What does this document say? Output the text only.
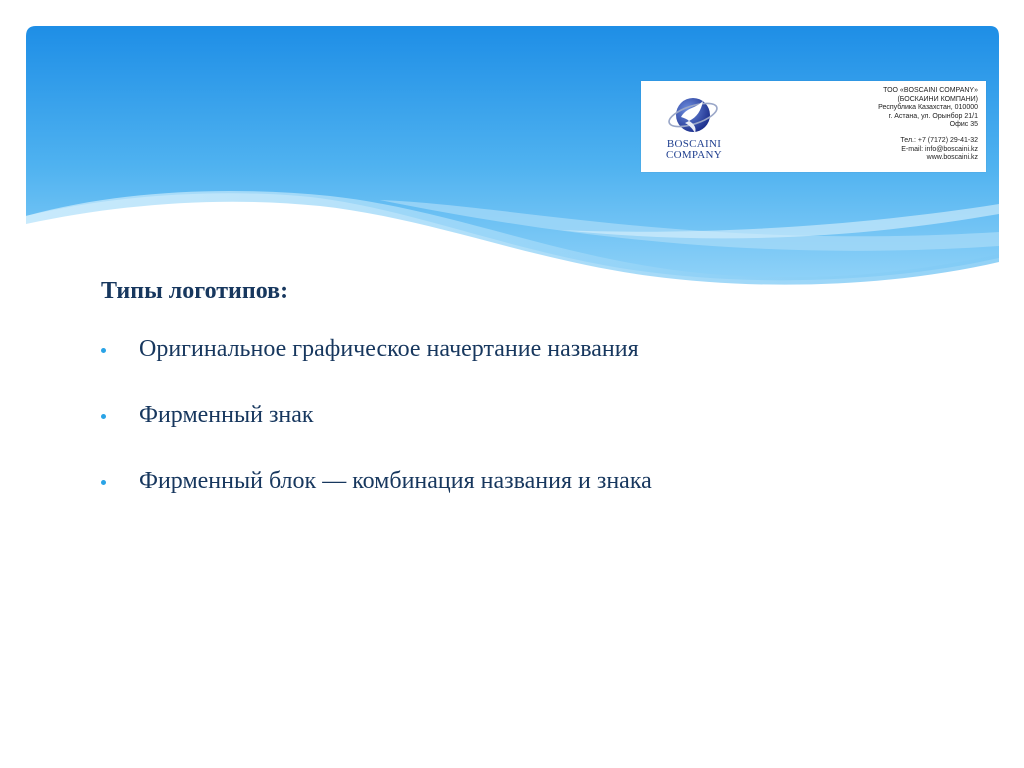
BOSCAINI
COMPANY
ТОО «BOSCAINI COMPANY»
(БОСКАИНИ КОМПАНИ)
Республика Казахстан, 010000
г. Астана, ул. Орынбор 21/1
Офис 35
Тел.: +7 (7172) 29-41-32
E-mail: info@boscaini.kz
www.boscaini.kz
Типы логотипов:
Оригинальное графическое начертание названия
Фирменный знак
Фирменный блок — комбинация названия и знака
